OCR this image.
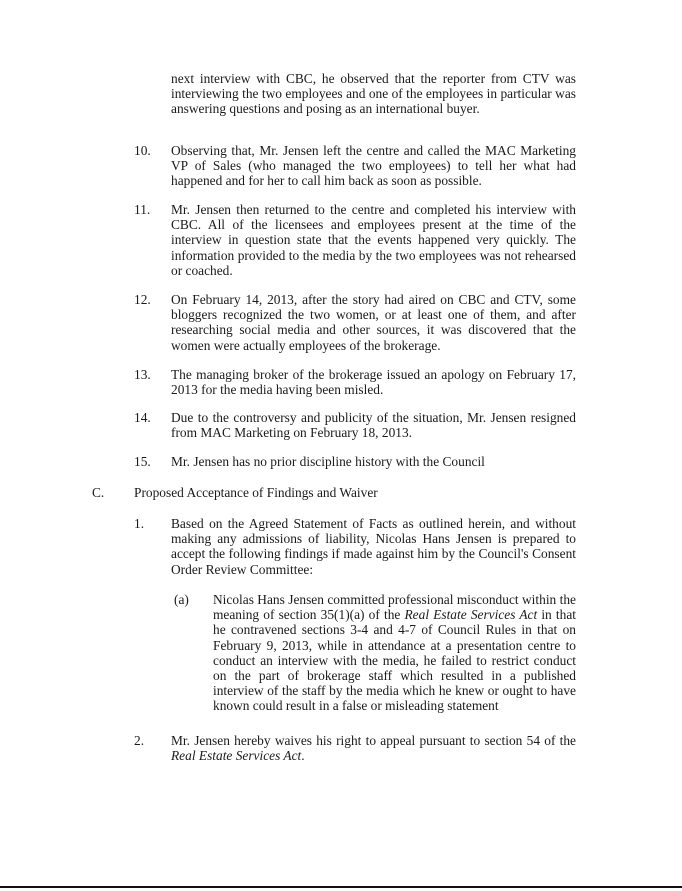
next interview with CBC, he observed that the reporter from CTV was interviewing the two employees and one of the employees in particular was answering questions and posing as an international buyer.
10. Observing that, Mr. Jensen left the centre and called the MAC Marketing VP of Sales (who managed the two employees) to tell her what had happened and for her to call him back as soon as possible.
11. Mr. Jensen then returned to the centre and completed his interview with CBC. All of the licensees and employees present at the time of the interview in question state that the events happened very quickly. The information provided to the media by the two employees was not rehearsed or coached.
12. On February 14, 2013, after the story had aired on CBC and CTV, some bloggers recognized the two women, or at least one of them, and after researching social media and other sources, it was discovered that the women were actually employees of the brokerage.
13. The managing broker of the brokerage issued an apology on February 17, 2013 for the media having been misled.
14. Due to the controversy and publicity of the situation, Mr. Jensen resigned from MAC Marketing on February 18, 2013.
15. Mr. Jensen has no prior discipline history with the Council
C. Proposed Acceptance of Findings and Waiver
1. Based on the Agreed Statement of Facts as outlined herein, and without making any admissions of liability, Nicolas Hans Jensen is prepared to accept the following findings if made against him by the Council's Consent Order Review Committee:
(a) Nicolas Hans Jensen committed professional misconduct within the meaning of section 35(1)(a) of the Real Estate Services Act in that he contravened sections 3-4 and 4-7 of Council Rules in that on February 9, 2013, while in attendance at a presentation centre to conduct an interview with the media, he failed to restrict conduct on the part of brokerage staff which resulted in a published interview of the staff by the media which he knew or ought to have known could result in a false or misleading statement
2. Mr. Jensen hereby waives his right to appeal pursuant to section 54 of the Real Estate Services Act.
